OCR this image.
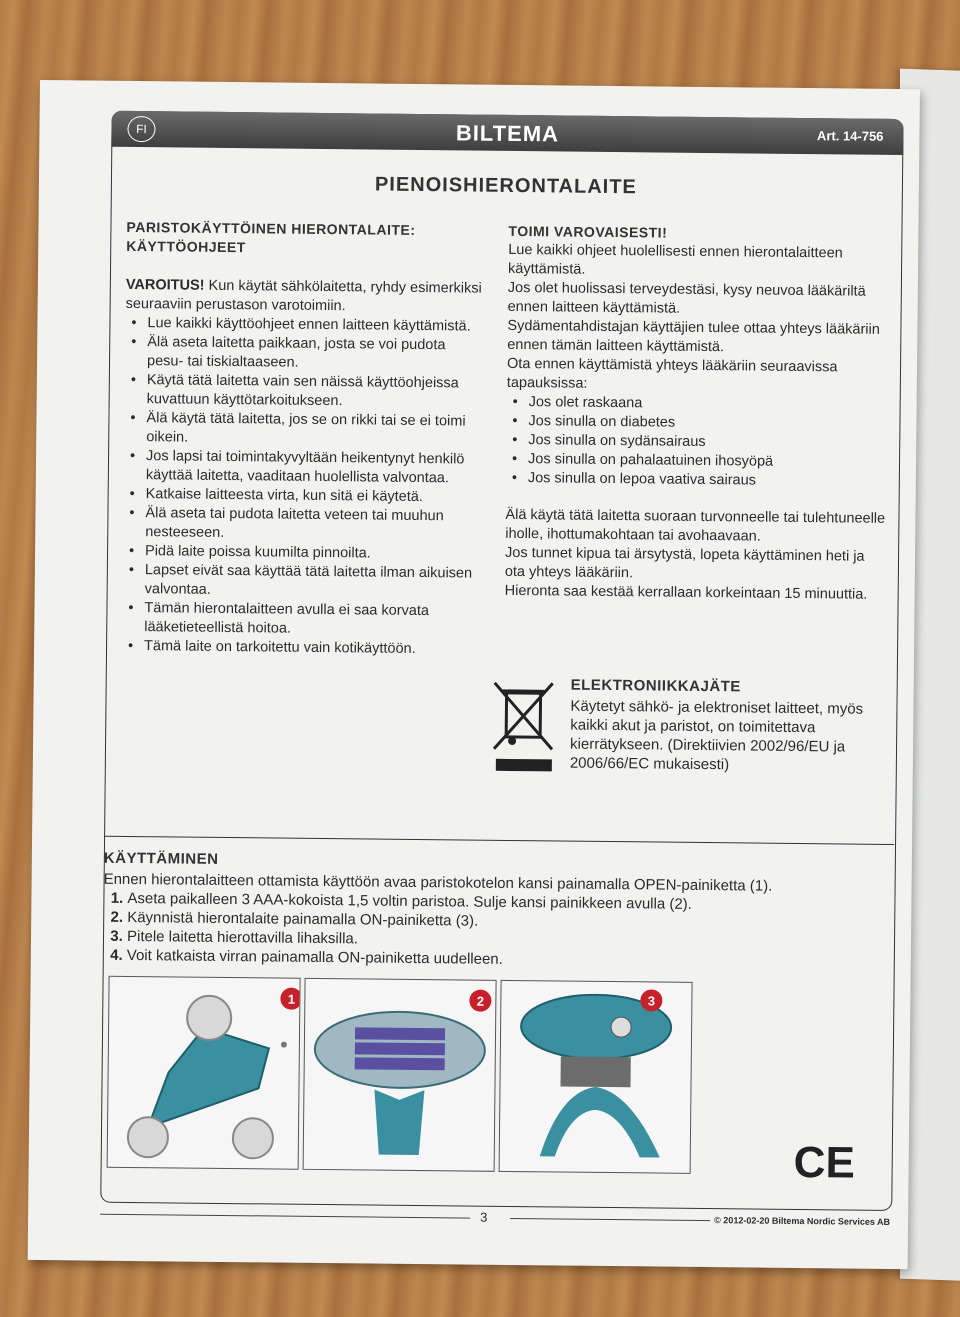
FI	BILTEMA	Art. 14-756
PIENOISHIERONTALAITE
PARISTOKÄYTTÖINEN HIERONTALAITE: KÄYTTÖOHJEET

VAROITUS! Kun käytät sähkölaitetta, ryhdy esimerkiksi seuraaviin perustason varotoimiin.

• Lue kaikki käyttöohjeet ennen laitteen käyttämistä.
• Älä aseta laitetta paikkaan, josta se voi pudota pesu- tai tiskialtaaseen.
• Käytä tätä laitetta vain sen näissä käyttöohjeissa kuvattuun käyttötarkoitukseen.
• Älä käytä tätä laitetta, jos se on rikki tai se ei toimi oikein.
• Jos lapsi tai toimintakyvyltään heikentynyt henkilö käyttää laitetta, vaaditaan huolellista valvontaa.
• Katkaise laitteesta virta, kun sitä ei käytetä.
• Älä aseta tai pudota laitetta veteen tai muuhun nesteeseen.
• Pidä laite poissa kuumilta pinnoilta.
• Lapset eivät saa käyttää tätä laitetta ilman aikuisen valvontaa.
• Tämän hierontalaitteen avulla ei saa korvata lääketieteellistä hoitoa.
• Tämä laite on tarkoitettu vain kotikäyttöön.
TOIMI VAROVAISESTI!

Lue kaikki ohjeet huolellisesti ennen hierontalaitteen käyttämistä.

Jos olet huolissasi terveydestäsi, kysy neuvoa lääkäriltä ennen laitteen käyttämistä.

Sydämentahdistajan käyttäjien tulee ottaa yhteys lääkäriin ennen tämän laitteen käyttämistä.

Ota ennen käyttämistä yhteys lääkäriin seuraavissa tapauksissa:

• Jos olet raskaana
• Jos sinulla on diabetes
• Jos sinulla on sydänsairaus
• Jos sinulla on pahalaatuinen ihosyöpä
• Jos sinulla on lepoa vaativa sairaus

Älä käytä tätä laitetta suoraan turvonneelle tai tulehtuneelle iholle, ihottumakohtaan tai avohaavaan.

Jos tunnet kipua tai ärsytystä, lopeta käyttäminen heti ja ota yhteys lääkäriin.

Hieronta saa kestää kerrallaan korkeintaan 15 minuuttia.

ELEKTRONIIKKAJÄTE

Käytetyt sähkö- ja elektroniset laitteet, myös kaikki akut ja paristot, on toimitettava kierrätykseen. (Direktiivien 2002/96/EU ja 2006/66/EC mukaisesti)

KÄYTTÄMINEN

Ennen hierontalaitteen ottamista käyttöön avaa paristokotelon kansi painamalla OPEN-painiketta (1).

1. Aseta paikalleen 3 AAA-kokoista 1,5 voltin paristoa. Sulje kansi painikkeen avulla (2).
2. Käynnistä hierontalaite painamalla ON-painiketta (3).
3. Pitele laitetta hierottavilla lihaksilla.
4. Voit katkaista virran painamalla ON-painiketta uudelleen.
1	2	3
CE
3	© 2012-02-20 Biltema Nordic Services AB
